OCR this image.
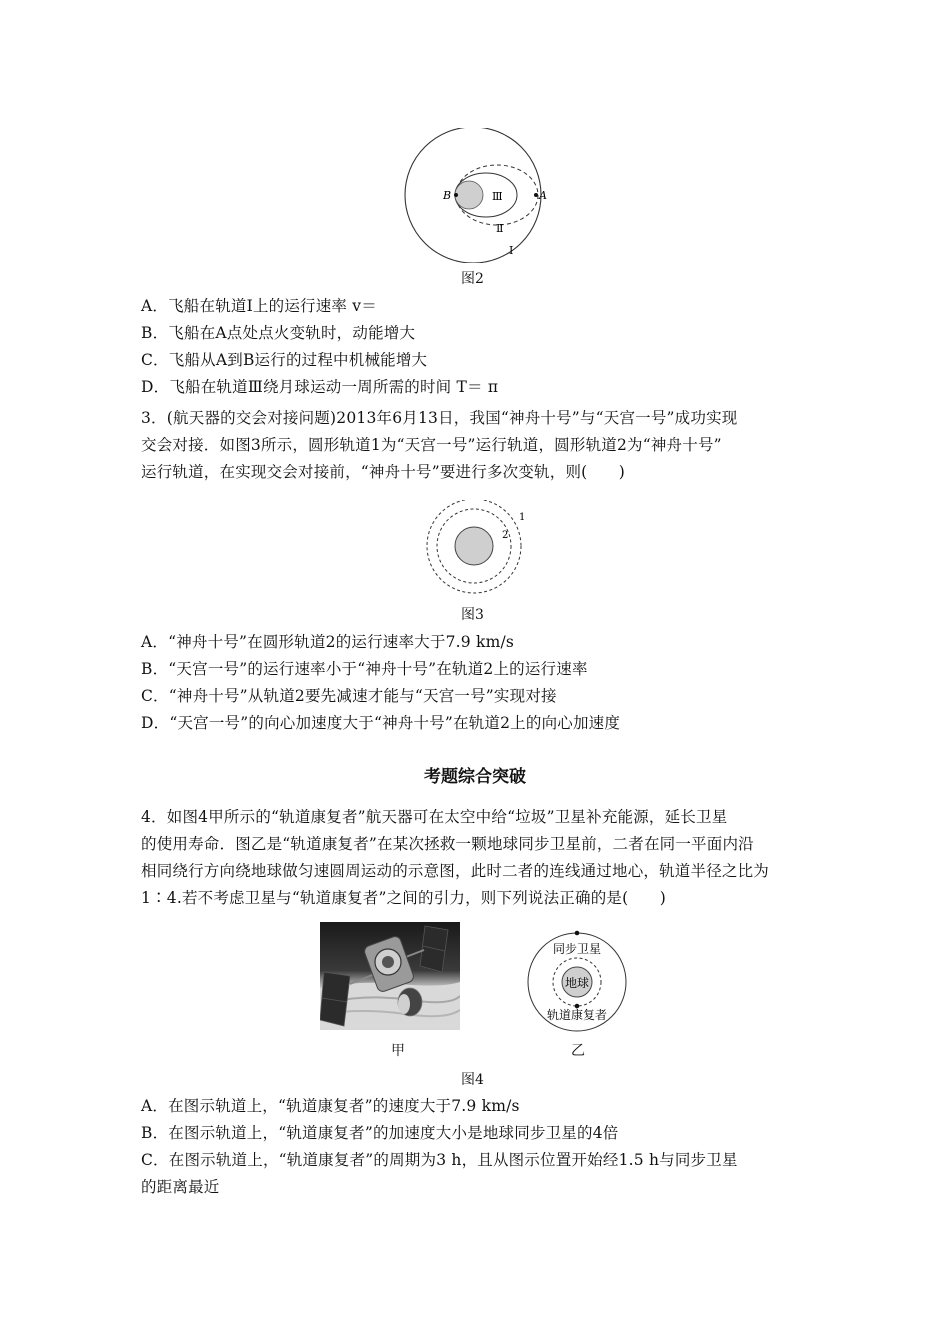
B	A
Ⅲ
Ⅱ
Ⅰ
图2
A．飞船在轨道Ⅰ上的运行速率 v＝
B．飞船在A点处点火变轨时，动能增大
C．飞船从A到B运行的过程中机械能增大
D．飞船在轨道Ⅲ绕月球运动一周所需的时间 T＝ π
3．(航天器的交会对接问题)2013年6月13日，我国“神舟十号”与“天宫一号”成功实现
交会对接．如图3所示，圆形轨道1为“天宫一号”运行轨道，圆形轨道2为“神舟十号”
运行轨道，在实现交会对接前，“神舟十号”要进行多次变轨，则(　　)
1
2
图3
A．“神舟十号”在圆形轨道2的运行速率大于7.9 km/s
B．“天宫一号”的运行速率小于“神舟十号”在轨道2上的运行速率
C．“神舟十号”从轨道2要先减速才能与“天宫一号”实现对接
D．“天宫一号”的向心加速度大于“神舟十号”在轨道2上的向心加速度
考题综合突破
4．如图4甲所示的“轨道康复者”航天器可在太空中给“垃圾”卫星补充能源，延长卫星
的使用寿命．图乙是“轨道康复者”在某次拯救一颗地球同步卫星前，二者在同一平面内沿
相同绕行方向绕地球做匀速圆周运动的示意图，此时二者的连线通过地心，轨道半径之比为
1∶4.若不考虑卫星与“轨道康复者”之间的引力，则下列说法正确的是(　　)
同步卫星
地球
轨道康复者
甲	乙
图4
A．在图示轨道上，“轨道康复者”的速度大于7.9 km/s
B．在图示轨道上，“轨道康复者”的加速度大小是地球同步卫星的4倍
C．在图示轨道上，“轨道康复者”的周期为3 h，且从图示位置开始经1.5 h与同步卫星
的距离最近
